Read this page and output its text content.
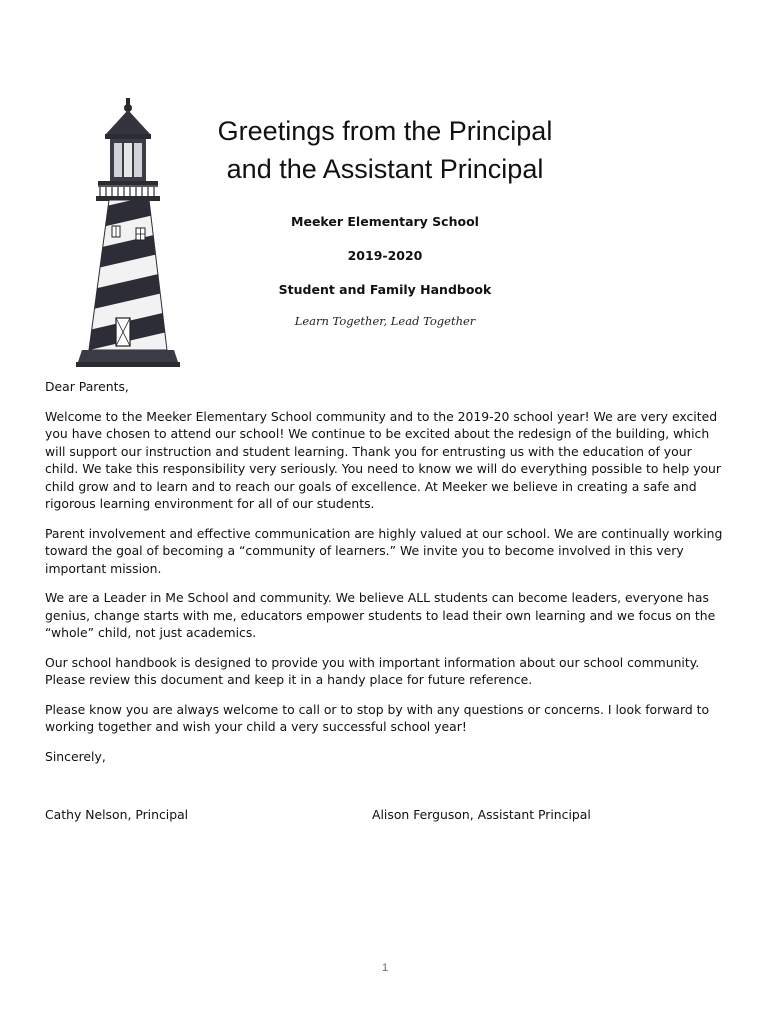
Greetings from the Principal
and the Assistant Principal
Meeker Elementary School
2019-2020
Student and Family Handbook
Learn Together, Lead Together

Dear Parents,

Welcome to the Meeker Elementary School community and to the 2019-20 school year! We are very excited you have chosen to attend our school! We continue to be excited about the redesign of the building, which will support our instruction and student learning. Thank you for entrusting us with the education of your child. We take this responsibility very seriously. You need to know we will do everything possible to help your child grow and to learn and to reach our goals of excellence. At Meeker we believe in creating a safe and rigorous learning environment for all of our students.

Parent involvement and effective communication are highly valued at our school. We are continually working toward the goal of becoming a “community of learners.” We invite you to become involved in this very important mission.

We are a Leader in Me School and community. We believe ALL students can become leaders, everyone has genius, change starts with me, educators empower students to lead their own learning and we focus on the “whole” child, not just academics.

Our school handbook is designed to provide you with important information about our school community. Please review this document and keep it in a handy place for future reference.

Please know you are always welcome to call or to stop by with any questions or concerns. I look forward to working together and wish your child a very successful school year!

Sincerely,

Cathy Nelson, Principal	Alison Ferguson, Assistant Principal
1
